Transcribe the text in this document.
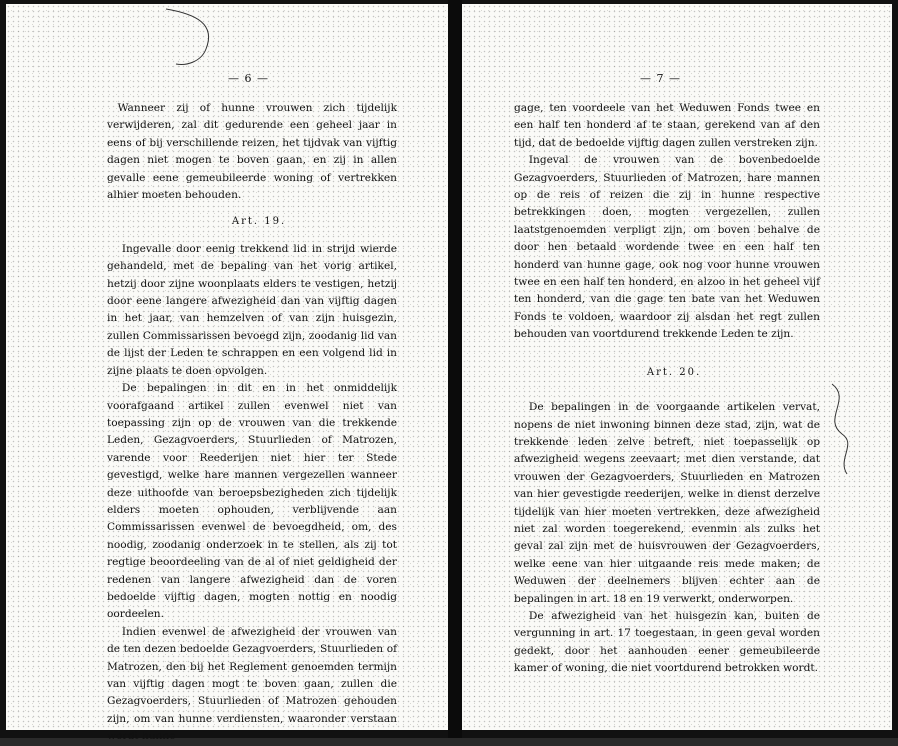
— 6 —

Wanneer zij of hunne vrouwen zich tijdelijk verwijderen, zal dit gedurende een geheel jaar in eens of bij verschillende reizen, het tijdvak van vijftig dagen niet mogen te boven gaan, en zij in allen gevalle eene gemeubileerde woning of vertrekken alhier moeten behouden.

Art. 19.

Ingevalle door eenig trekkend lid in strijd wierde gehandeld, met de bepaling van het vorig artikel, hetzij door zijne woonplaats elders te vestigen, hetzij door eene langere afwezigheid dan van vijftig dagen in het jaar, van hemzelven of van zijn huisgezin, zullen Commissarissen bevoegd zijn, zoodanig lid van de lijst der Leden te schrappen en een volgend lid in zijne plaats te doen opvolgen.

De bepalingen in dit en in het onmiddelijk voorafgaand artikel zullen evenwel niet van toepassing zijn op de vrouwen van die trekkende Leden, Gezagvoerders, Stuurlieden of Matrozen, varende voor Reederijen niet hier ter Stede gevestigd, welke hare mannen vergezellen wanneer deze uithoofde van beroepsbezigheden zich tijdelijk elders moeten ophouden, verblijvende aan Commissarissen evenwel de bevoegdheid, om, des noodig, zoodanig onderzoek in te stellen, als zij tot regtige beoordeeling van de al of niet geldigheid der redenen van langere afwezigheid dan de voren bedoelde vijftig dagen, mogten nottig en noodig oordeelen.

Indien evenwel de afwezigheid der vrouwen van de ten dezen bedoelde Gezagvoerders, Stuurlieden of Matrozen, den bij het Reglement genoemden termijn van vijftig dagen mogt te boven gaan, zullen die Gezagvoerders, Stuurlieden of Matrozen gehouden zijn, om van hunne verdiensten, waaronder verstaan wordt hunne

— 7 —

gage, ten voordeele van het Weduwen Fonds twee en een half ten honderd af te staan, gerekend van af den tijd, dat de bedoelde vijftig dagen zullen verstreken zijn.

Ingeval de vrouwen van de bovenbedoelde Gezagvoerders, Stuurlieden of Matrozen, hare mannen op de reis of reizen die zij in hunne respective betrekkingen doen, mogten vergezellen, zullen laatstgenoemden verpligt zijn, om boven behalve de door hen betaald wordende twee en een half ten honderd van hunne gage, ook nog voor hunne vrouwen twee en een half ten honderd, en alzoo in het geheel vijf ten honderd, van die gage ten bate van het Weduwen Fonds te voldoen, waardoor zij alsdan het regt zullen behouden van voortdurend trekkende Leden te zijn.

Art. 20.

De bepalingen in de voorgaande artikelen vervat, nopens de niet inwoning binnen deze stad, zijn, wat de trekkende leden zelve betreft, niet toepasselijk op afwezigheid wegens zeevaart; met dien verstande, dat vrouwen der Gezagvoerders, Stuurlieden en Matrozen van hier gevestigde reederijen, welke in dienst derzelve tijdelijk van hier moeten vertrekken, deze afwezigheid niet zal worden toegerekend, evenmin als zulks het geval zal zijn met de huisvrouwen der Gezagvoerders, welke eene van hier uitgaande reis mede maken; de Weduwen der deelnemers blijven echter aan de bepalingen in art. 18 en 19 verwerkt, onderworpen.

De afwezigheid van het huisgezin kan, buiten de vergunning in art. 17 toegestaan, in geen geval worden gedekt, door het aanhouden eener gemeubileerde kamer of woning, die niet voortdurend betrokken wordt.
